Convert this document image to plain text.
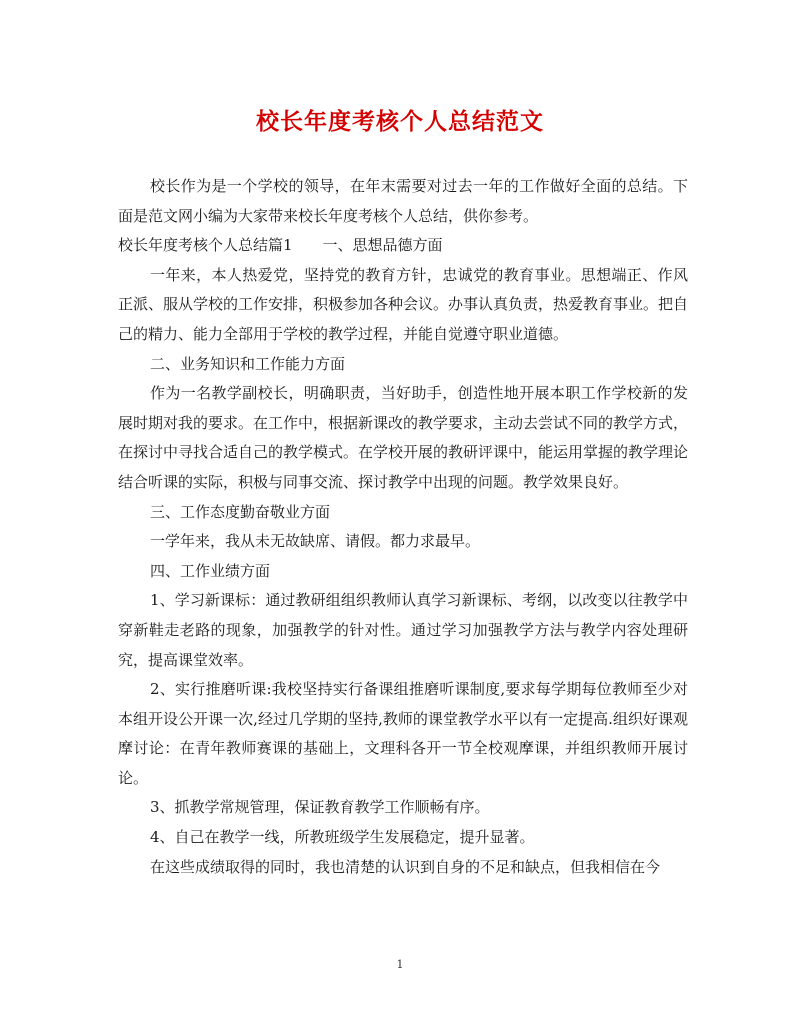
校长年度考核个人总结范文

校长作为是一个学校的领导，在年末需要对过去一年的工作做好全面的总结。下面是范文网小编为大家带来校长年度考核个人总结，供你参考。

校长年度考核个人总结篇1　　一、思想品德方面

一年来，本人热爱党，坚持党的教育方针，忠诚党的教育事业。思想端正、作风正派、服从学校的工作安排，积极参加各种会议。办事认真负责，热爱教育事业。把自己的精力、能力全部用于学校的教学过程，并能自觉遵守职业道德。

二、业务知识和工作能力方面

作为一名教学副校长，明确职责，当好助手，创造性地开展本职工作学校新的发展时期对我的要求。在工作中，根据新课改的教学要求，主动去尝试不同的教学方式，在探讨中寻找合适自己的教学模式。在学校开展的教研评课中，能运用掌握的教学理论结合听课的实际，积极与同事交流、探讨教学中出现的问题。教学效果良好。

三、工作态度勤奋敬业方面

一学年来，我从未无故缺席、请假。都力求最早。

四、工作业绩方面

1、学习新课标：通过教研组组织教师认真学习新课标、考纲，以改变以往教学中穿新鞋走老路的现象，加强教学的针对性。通过学习加强教学方法与教学内容处理研究，提高课堂效率。

2、实行推磨听课:我校坚持实行备课组推磨听课制度,要求每学期每位教师至少对本组开设公开课一次,经过几学期的坚持,教师的课堂教学水平以有一定提高.组织好课观摩讨论：在青年教师赛课的基础上，文理科各开一节全校观摩课，并组织教师开展讨论。

3、抓教学常规管理，保证教育教学工作顺畅有序。

4、自己在教学一线，所教班级学生发展稳定，提升显著。

在这些成绩取得的同时，我也清楚的认识到自身的不足和缺点，但我相信在今

1
